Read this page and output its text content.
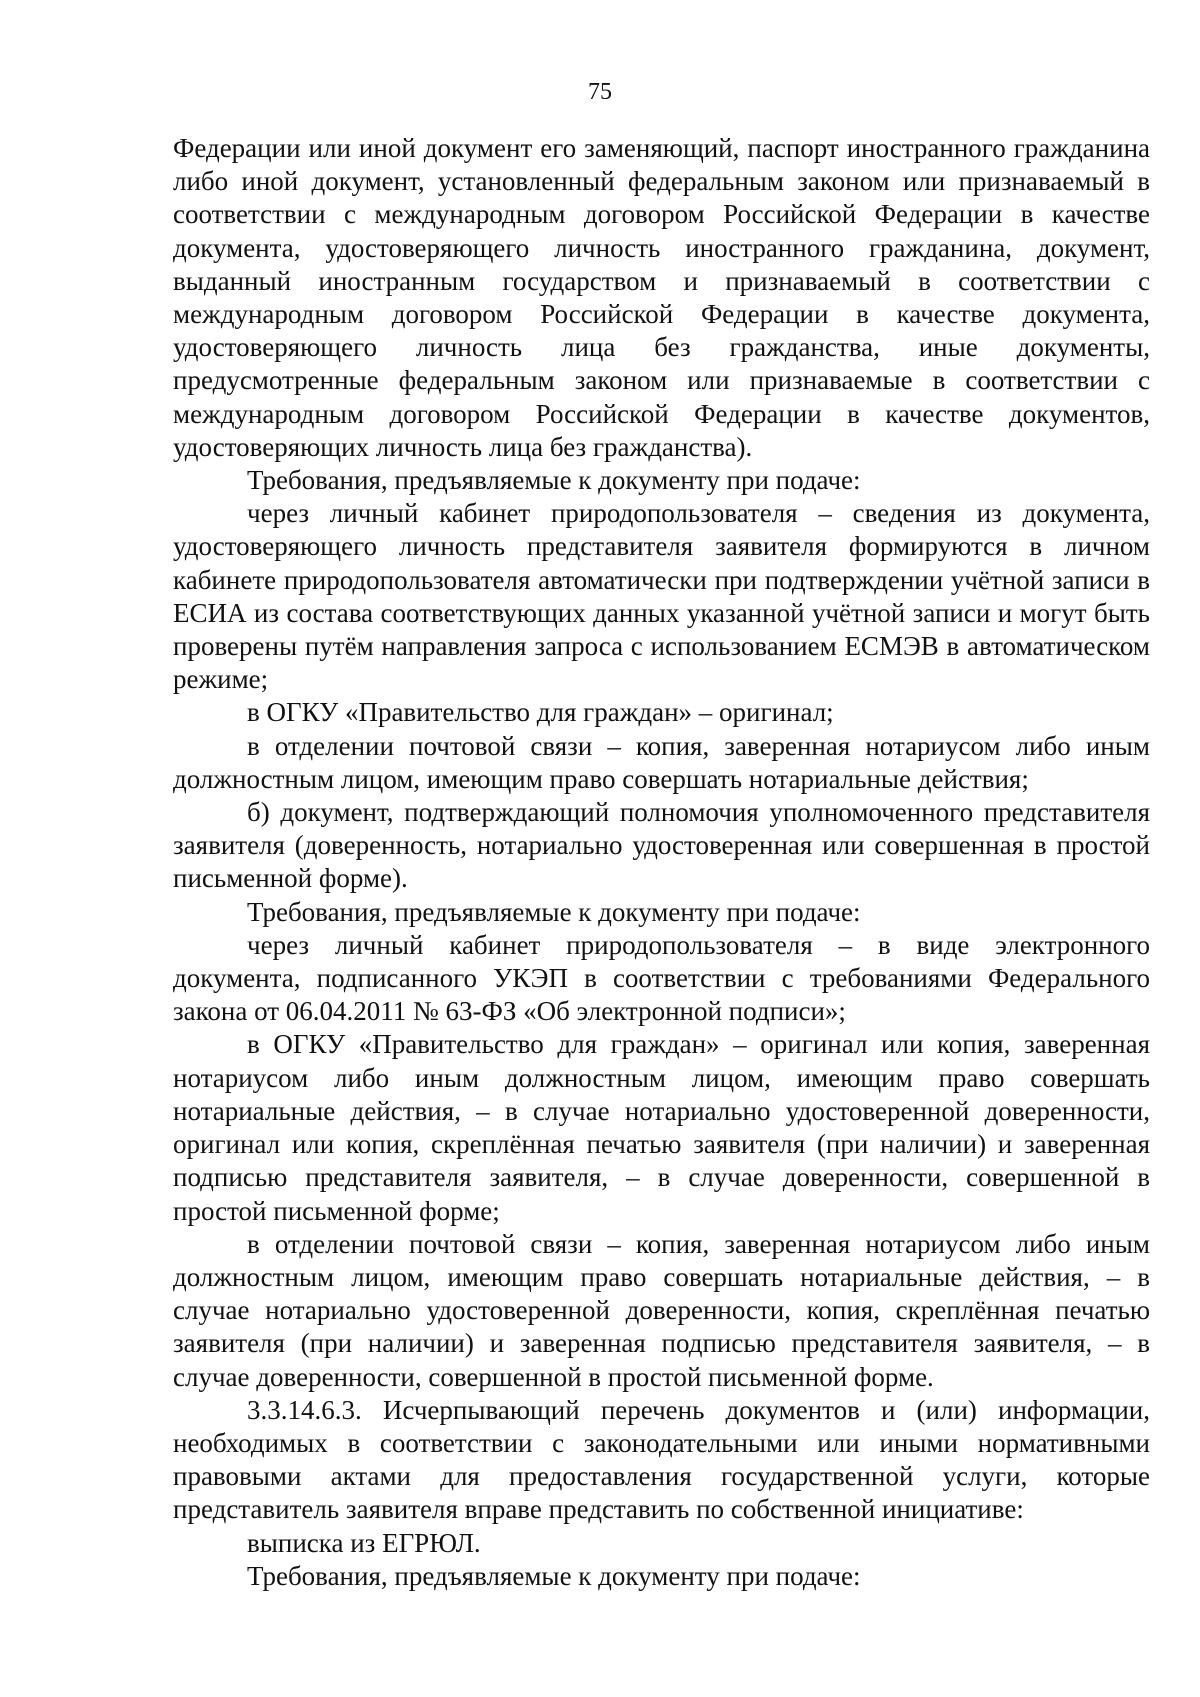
75

Федерации или иной документ его заменяющий, паспорт иностранного гражданина либо иной документ, установленный федеральным законом или признаваемый в соответствии с международным договором Российской Федерации в качестве документа, удостоверяющего личность иностранного гражданина, документ, выданный иностранным государством и признаваемый в соответствии с международным договором Российской Федерации в качестве документа, удостоверяющего личность лица без гражданства, иные документы, предусмотренные федеральным законом или признаваемые в соответствии с международным договором Российской Федерации в качестве документов, удостоверяющих личность лица без гражданства).

Требования, предъявляемые к документу при подаче:

через личный кабинет природопользователя – сведения из документа, удостоверяющего личность представителя заявителя формируются в личном кабинете природопользователя автоматически при подтверждении учётной записи в ЕСИА из состава соответствующих данных указанной учётной записи и могут быть проверены путём направления запроса с использованием ЕСМЭВ в автоматическом режиме;

в ОГКУ «Правительство для граждан» – оригинал;

в отделении почтовой связи – копия, заверенная нотариусом либо иным должностным лицом, имеющим право совершать нотариальные действия;

б) документ, подтверждающий полномочия уполномоченного представителя заявителя (доверенность, нотариально удостоверенная или совершенная в простой письменной форме).

Требования, предъявляемые к документу при подаче:

через личный кабинет природопользователя – в виде электронного документа, подписанного УКЭП в соответствии с требованиями Федерального закона от 06.04.2011 № 63-ФЗ «Об электронной подписи»;

в ОГКУ «Правительство для граждан» – оригинал или копия, заверенная нотариусом либо иным должностным лицом, имеющим право совершать нотариальные действия, – в случае нотариально удостоверенной доверенности, оригинал или копия, скреплённая печатью заявителя (при наличии) и заверенная подписью представителя заявителя, – в случае доверенности, совершенной в простой письменной форме;

в отделении почтовой связи – копия, заверенная нотариусом либо иным должностным лицом, имеющим право совершать нотариальные действия, – в случае нотариально удостоверенной доверенности, копия, скреплённая печатью заявителя (при наличии) и заверенная подписью представителя заявителя, – в случае доверенности, совершенной в простой письменной форме.

3.3.14.6.3. Исчерпывающий перечень документов и (или) информации, необходимых в соответствии с законодательными или иными нормативными правовыми актами для предоставления государственной услуги, которые представитель заявителя вправе представить по собственной инициативе:

выписка из ЕГРЮЛ.

Требования, предъявляемые к документу при подаче:
